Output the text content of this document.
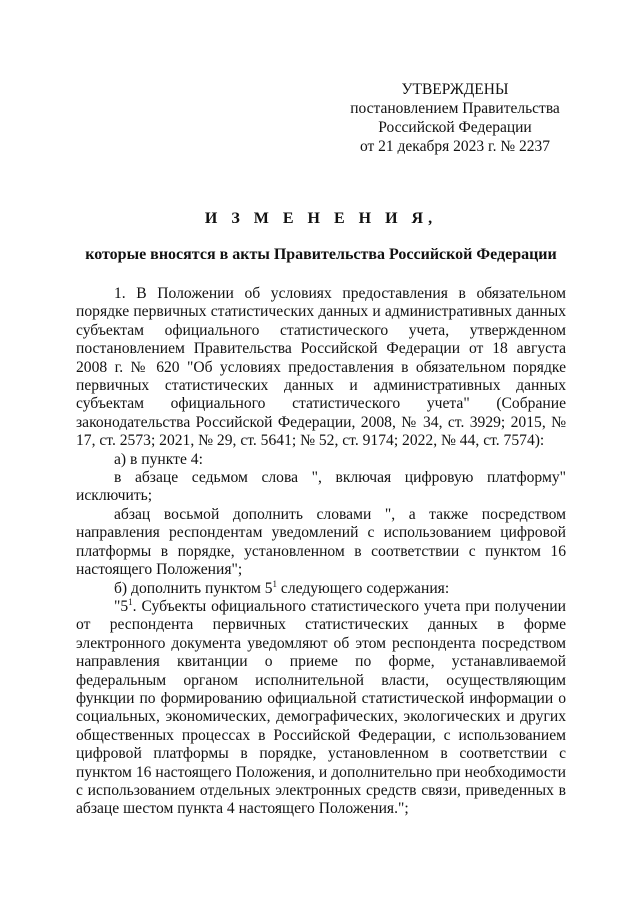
УТВЕРЖДЕНЫ
постановлением Правительства
Российской Федерации
от 21 декабря 2023 г. № 2237
И З М Е Н Е Н И Я,
которые вносятся в акты Правительства Российской Федерации

1. В Положении об условиях предоставления в обязательном порядке первичных статистических данных и административных данных субъектам официального статистического учета, утвержденном постановлением Правительства Российской Федерации от 18 августа 2008 г. № 620 "Об условиях предоставления в обязательном порядке первичных статистических данных и административных данных субъектам официального статистического учета" (Собрание законодательства Российской Федерации, 2008, № 34, ст. 3929; 2015, № 17, ст. 2573; 2021, № 29, ст. 5641; № 52, ст. 9174; 2022, № 44, ст. 7574):

а) в пункте 4:

в абзаце седьмом слова ", включая цифровую платформу" исключить;

абзац восьмой дополнить словами ", а также посредством направления респондентам уведомлений с использованием цифровой платформы в порядке, установленном в соответствии с пунктом 16 настоящего Положения";

б) дополнить пунктом $5^1$ следующего содержания:

"$5^1$. Субъекты официального статистического учета при получении от респондента первичных статистических данных в форме электронного документа уведомляют об этом респондента посредством направления квитанции о приеме по форме, устанавливаемой федеральным органом исполнительной власти, осуществляющим функции по формированию официальной статистической информации о социальных, экономических, демографических, экологических и других общественных процессах в Российской Федерации, с использованием цифровой платформы в порядке, установленном в соответствии с пунктом 16 настоящего Положения, и дополнительно при необходимости с использованием отдельных электронных средств связи, приведенных в абзаце шестом пункта 4 настоящего Положения.";
